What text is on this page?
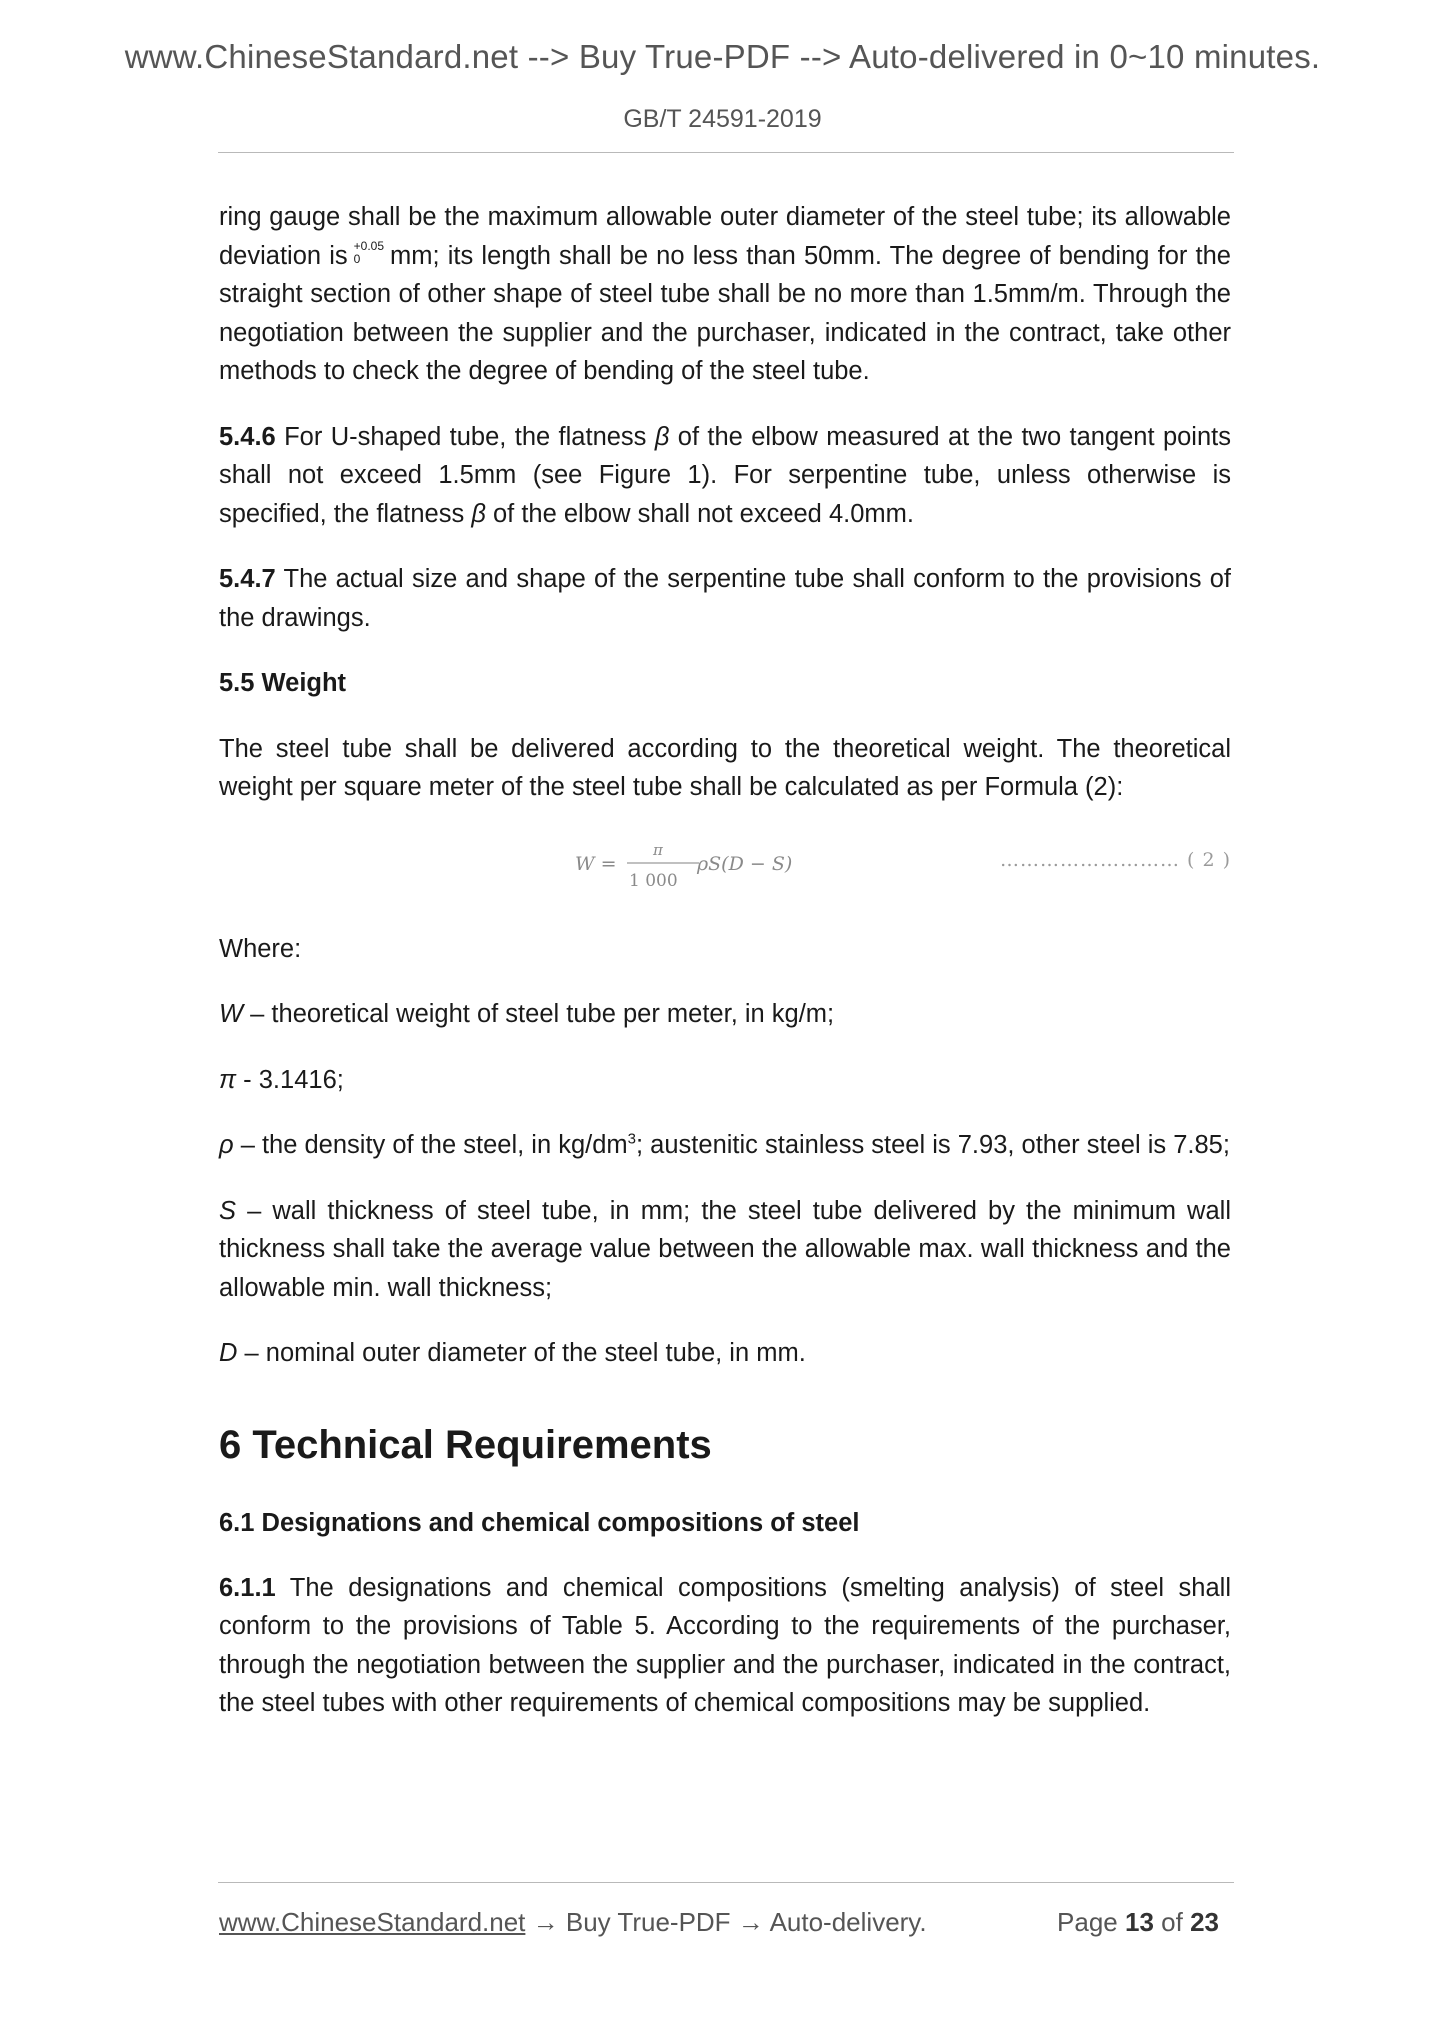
www.ChineseStandard.net --> Buy True-PDF --> Auto-delivered in 0~10 minutes.
GB/T 24591-2019

ring gauge shall be the maximum allowable outer diameter of the steel tube; its allowable deviation is +0.05
0	mm; its length shall be no less than 50mm. The degree of bending for the straight section of other shape of steel tube shall be no more than 1.5mm/m. Through the negotiation between the supplier and the purchaser, indicated in the contract, take other methods to check the degree of bending of the steel tube.

5.4.6 For U-shaped tube, the flatness β of the elbow measured at the two tangent points shall not exceed 1.5mm (see Figure 1). For serpentine tube, unless otherwise is specified, the flatness β of the elbow shall not exceed 4.0mm.

5.4.7 The actual size and shape of the serpentine tube shall conform to the provisions of the drawings.

5.5 Weight

The steel tube shall be delivered according to the theoretical weight. The theoretical weight per square meter of the steel tube shall be calculated as per Formula (2):

W =
π
1 000
ρS(D − S)	……………………… ( 2 )

Where:

W – theoretical weight of steel tube per meter, in kg/m;

π - 3.1416;

ρ – the density of the steel, in $kg/dm^3$; austenitic stainless steel is 7.93, other steel is 7.85;

S – wall thickness of steel tube, in mm; the steel tube delivered by the minimum wall thickness shall take the average value between the allowable max. wall thickness and the allowable min. wall thickness;

D – nominal outer diameter of the steel tube, in mm.

6 Technical Requirements

6.1 Designations and chemical compositions of steel

6.1.1 The designations and chemical compositions (smelting analysis) of steel shall conform to the provisions of Table 5. According to the requirements of the purchaser, through the negotiation between the supplier and the purchaser, indicated in the contract, the steel tubes with other requirements of chemical compositions may be supplied.

www.ChineseStandard.net → Buy True-PDF → Auto-delivery.	Page 13 of 23
